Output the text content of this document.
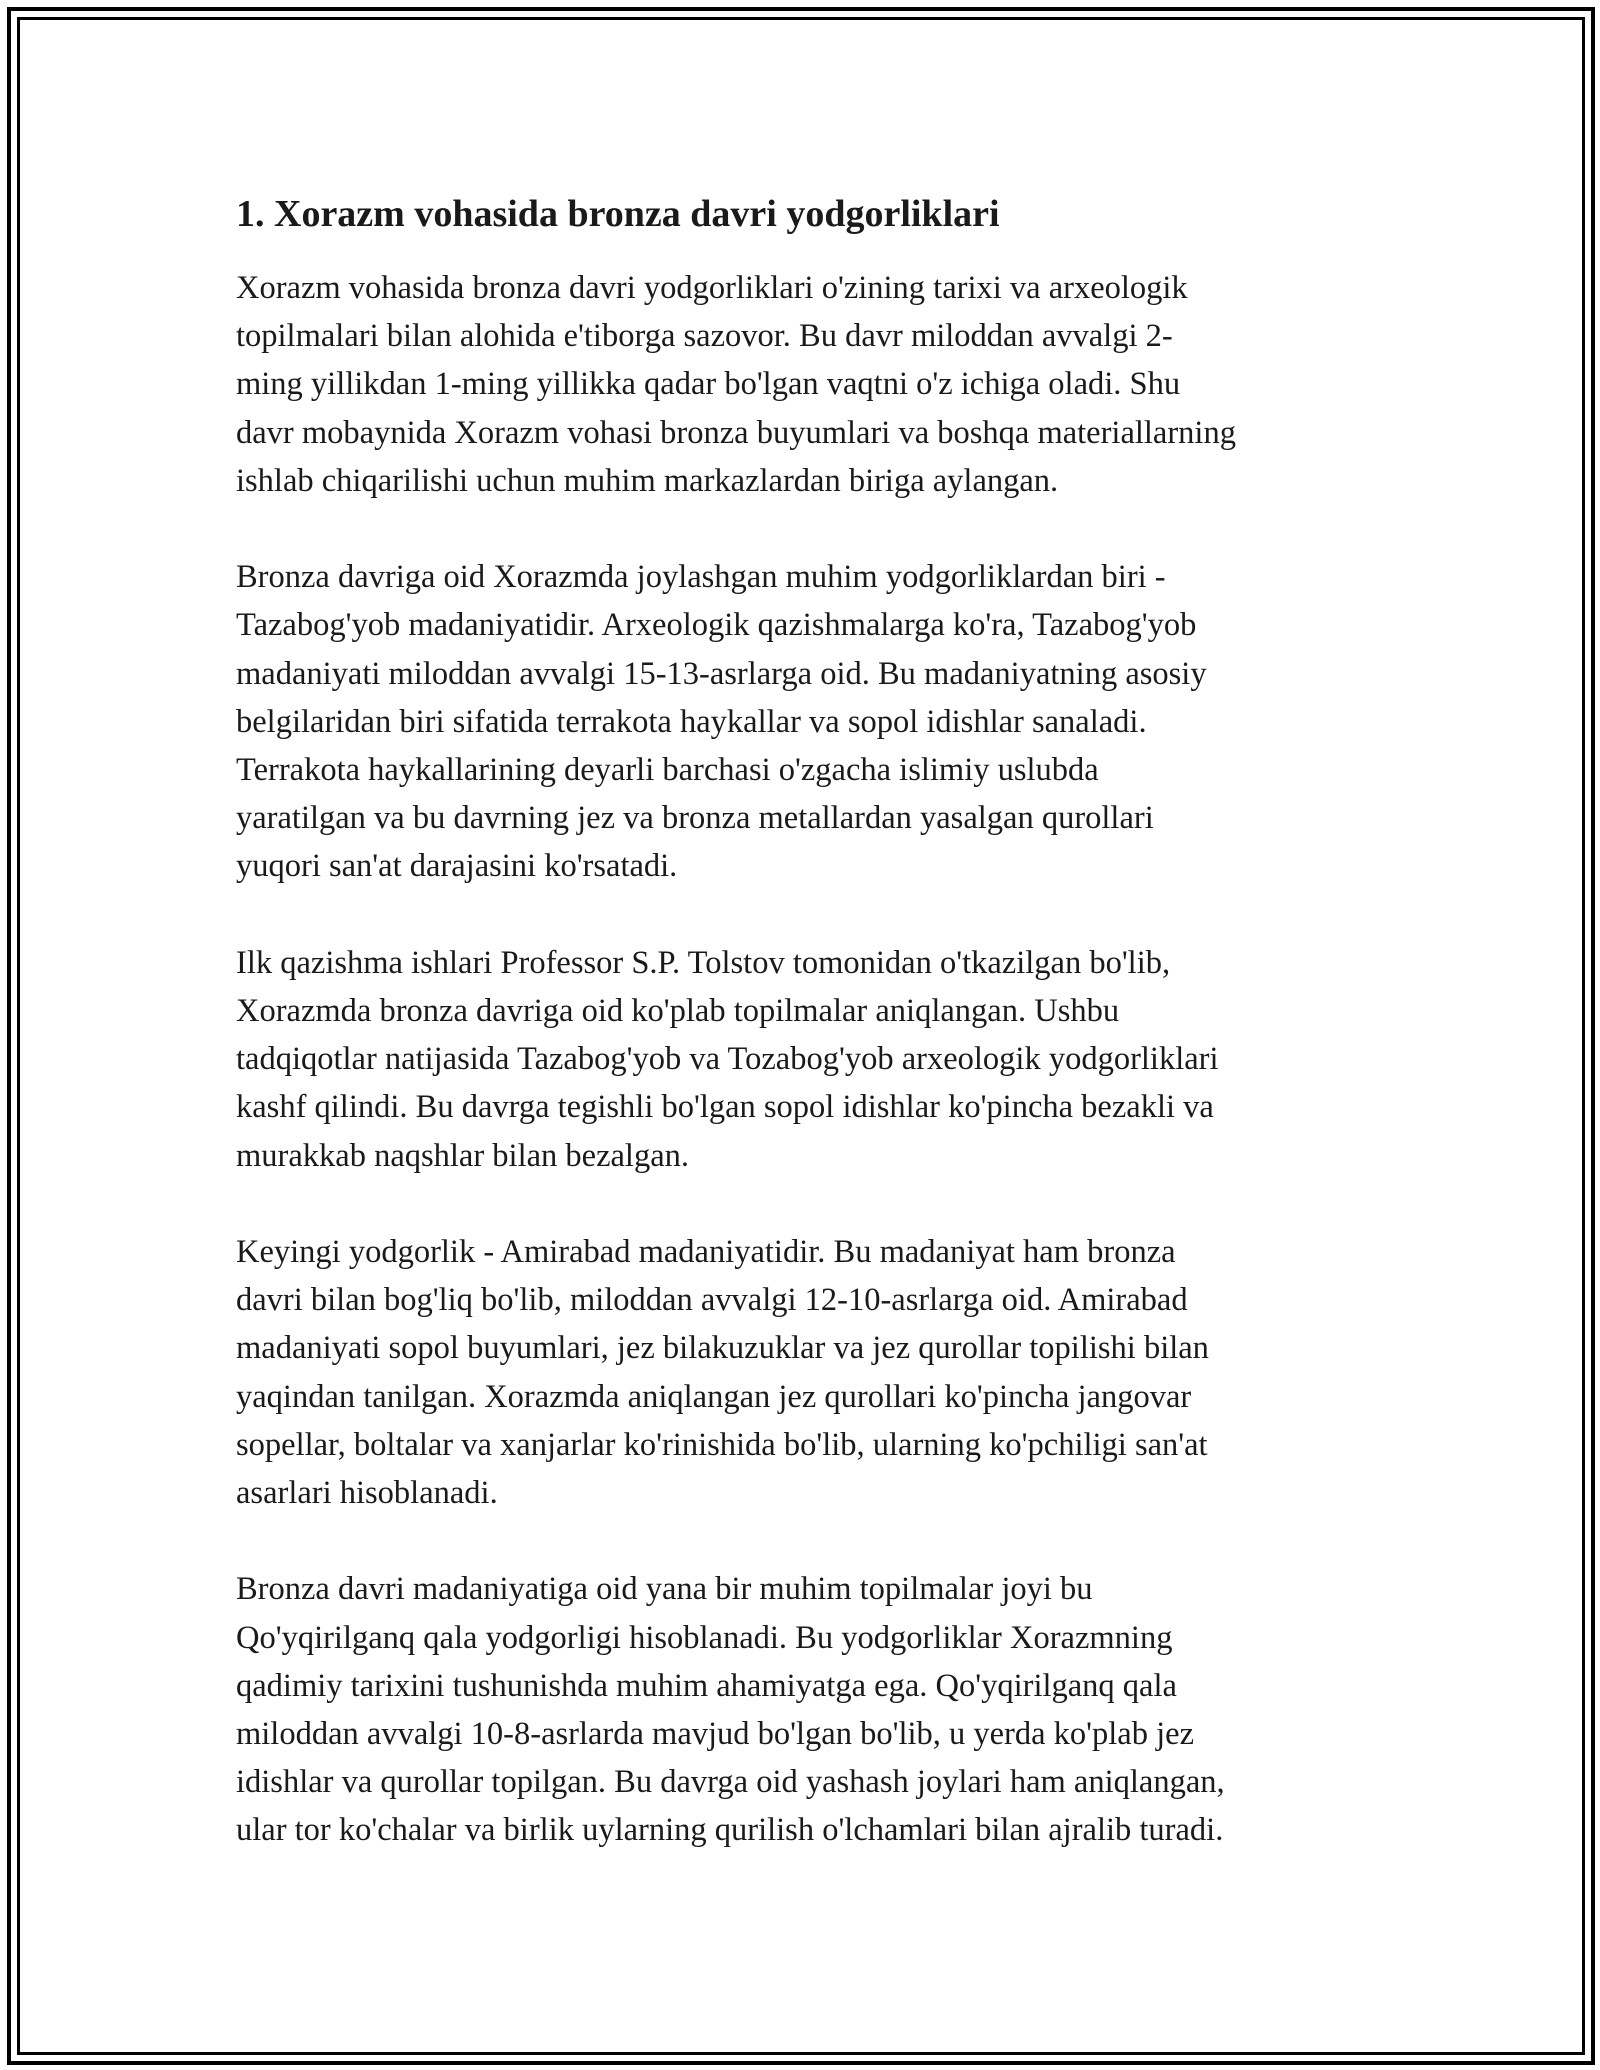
1. Xorazm vohasida bronza davri yodgorliklari

Xorazm vohasida bronza davri yodgorliklari o'zining tarixi va arxeologik
topilmalari bilan alohida e'tiborga sazovor. Bu davr miloddan avvalgi 2-
ming yillikdan 1-ming yillikka qadar bo'lgan vaqtni o'z ichiga oladi. Shu
davr mobaynida Xorazm vohasi bronza buyumlari va boshqa materiallarning
ishlab chiqarilishi uchun muhim markazlardan biriga aylangan.

Bronza davriga oid Xorazmda joylashgan muhim yodgorliklardan biri -
Tazabog'yob madaniyatidir. Arxeologik qazishmalarga ko'ra, Tazabog'yob
madaniyati miloddan avvalgi 15-13-asrlarga oid. Bu madaniyatning asosiy
belgilaridan biri sifatida terrakota haykallar va sopol idishlar sanaladi.
Terrakota haykallarining deyarli barchasi o'zgacha islimiy uslubda
yaratilgan va bu davrning jez va bronza metallardan yasalgan qurollari
yuqori san'at darajasini ko'rsatadi.

Ilk qazishma ishlari Professor S.P. Tolstov tomonidan o'tkazilgan bo'lib,
Xorazmda bronza davriga oid ko'plab topilmalar aniqlangan. Ushbu
tadqiqotlar natijasida Tazabog'yob va Tozabog'yob arxeologik yodgorliklari
kashf qilindi. Bu davrga tegishli bo'lgan sopol idishlar ko'pincha bezakli va
murakkab naqshlar bilan bezalgan.

Keyingi yodgorlik - Amirabad madaniyatidir. Bu madaniyat ham bronza
davri bilan bog'liq bo'lib, miloddan avvalgi 12-10-asrlarga oid. Amirabad
madaniyati sopol buyumlari, jez bilakuzuklar va jez qurollar topilishi bilan
yaqindan tanilgan. Xorazmda aniqlangan jez qurollari ko'pincha jangovar
sopellar, boltalar va xanjarlar ko'rinishida bo'lib, ularning ko'pchiligi san'at
asarlari hisoblanadi.

Bronza davri madaniyatiga oid yana bir muhim topilmalar joyi bu
Qo'yqirilganq qala yodgorligi hisoblanadi. Bu yodgorliklar Xorazmning
qadimiy tarixini tushunishda muhim ahamiyatga ega. Qo'yqirilganq qala
miloddan avvalgi 10-8-asrlarda mavjud bo'lgan bo'lib, u yerda ko'plab jez
idishlar va qurollar topilgan. Bu davrga oid yashash joylari ham aniqlangan,
ular tor ko'chalar va birlik uylarning qurilish o'lchamlari bilan ajralib turadi.
